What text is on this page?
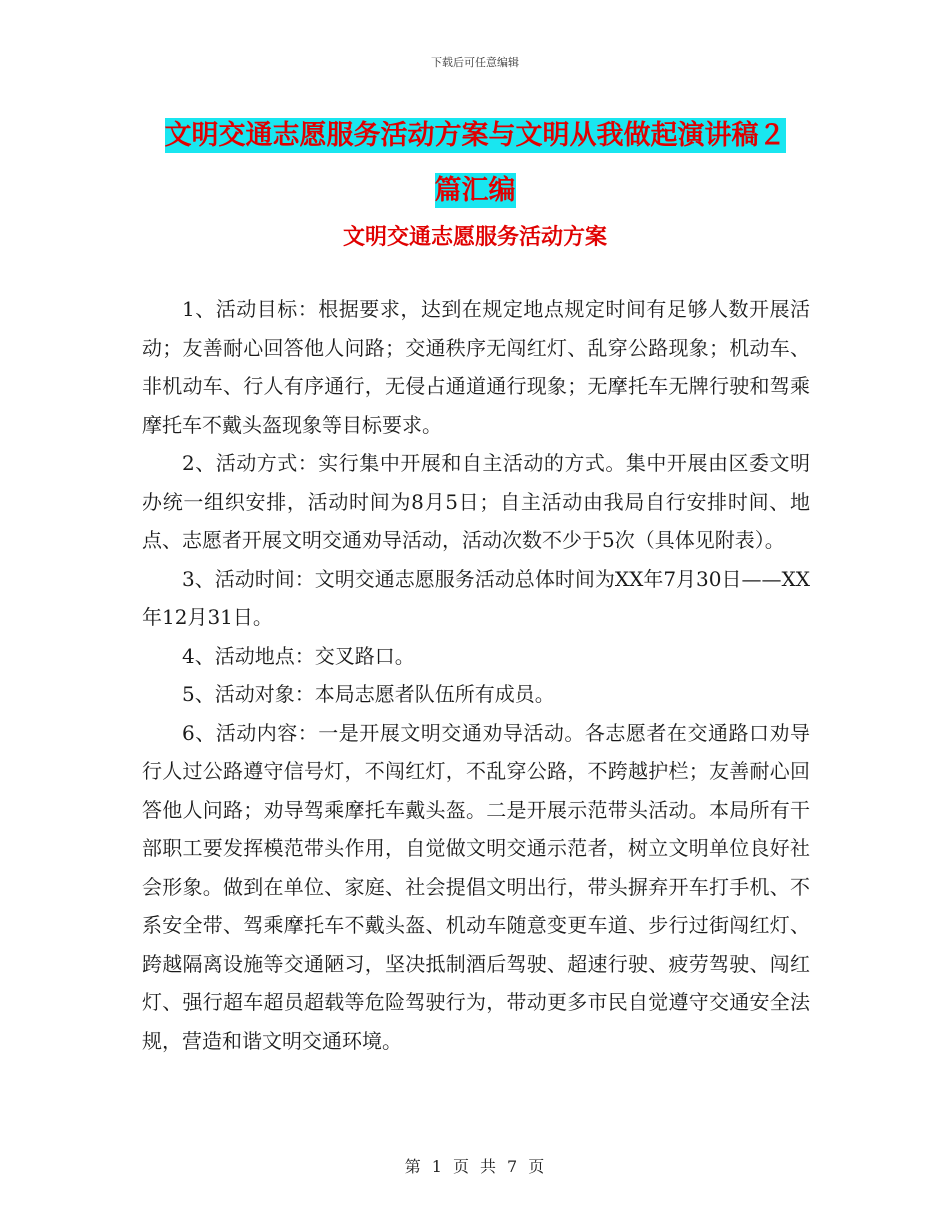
下载后可任意编辑
文明交通志愿服务活动方案与文明从我做起演讲稿２
篇汇编
文明交通志愿服务活动方案

1、活动目标：根据要求，达到在规定地点规定时间有足够人数开展活动；友善耐心回答他人问路；交通秩序无闯红灯、乱穿公路现象；机动车、非机动车、行人有序通行，无侵占通道通行现象；无摩托车无牌行驶和驾乘摩托车不戴头盔现象等目标要求。

2、活动方式：实行集中开展和自主活动的方式。集中开展由区委文明办统一组织安排，活动时间为8月5日；自主活动由我局自行安排时间、地点、志愿者开展文明交通劝导活动，活动次数不少于5次（具体见附表）。

3、活动时间：文明交通志愿服务活动总体时间为XX年7月30日——XX年12月31日。

4、活动地点：交叉路口。

5、活动对象：本局志愿者队伍所有成员。

6、活动内容：一是开展文明交通劝导活动。各志愿者在交通路口劝导行人过公路遵守信号灯，不闯红灯，不乱穿公路，不跨越护栏；友善耐心回答他人问路；劝导驾乘摩托车戴头盔。二是开展示范带头活动。本局所有干部职工要发挥模范带头作用，自觉做文明交通示范者，树立文明单位良好社会形象。做到在单位、家庭、社会提倡文明出行，带头摒弃开车打手机、不系安全带、驾乘摩托车不戴头盔、机动车随意变更车道、步行过街闯红灯、跨越隔离设施等交通陋习，坚决抵制酒后驾驶、超速行驶、疲劳驾驶、闯红灯、强行超车超员超载等危险驾驶行为，带动更多市民自觉遵守交通安全法规，营造和谐文明交通环境。

第 1 页 共 7 页
